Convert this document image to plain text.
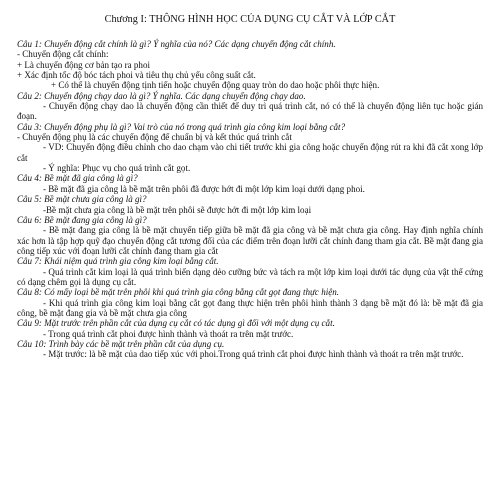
Chương I: THÔNG HÌNH HỌC CỦA DỤNG CỤ CẮT VÀ LỚP CẮT

Câu 1: Chuyển động cắt chính là gì? Ý nghĩa của nó? Các dạng chuyển động cắt chính.

- Chuyển động cắt chính:

+ Là chuyển động cơ bản tạo ra phoi

+ Xác định tốc độ bóc tách phoi và tiêu thụ chủ yếu công suất cắt.

+ Có thể là chuyển động tịnh tiến hoặc chuyển động quay tròn do dao hoặc phôi thực hiện.

Câu 2: Chuyển động chạy dao là gì? Ý nghĩa. Các dạng chuyển động chạy dao.

- Chuyển động chạy dao là chuyển động cần thiết để duy trì quá trình cắt, nó có thể là chuyển động liên tục hoặc gián đoạn.

Câu 3: Chuyển động phụ là gì? Vai trò của nó trong quá trình gia công kim loại bằng cắt?

- Chuyển động phụ là các chuyển động để chuẩn bị và kết thúc quá trình cắt

- VD: Chuyển động điều chỉnh cho dao chạm vào chi tiết trước khi gia công hoặc chuyển động rút ra khi đã cắt xong lớp cắt

- Ý nghĩa: Phục vụ cho quá trình cắt gọt.

Câu 4: Bề mặt đã gia công là gì?

- Bề mặt đã gia công là bề mặt trên phôi đã được hớt đi một lớp kim loại dưới dạng phoi.

Câu 5: Bề mặt chưa gia công là gì?

-Bề mặt chưa gia công là bề mặt trên phôi sẽ được hớt đi một lớp kim loại

Câu 6: Bề mặt đang gia công là gì?

- Bề mặt đang gia công là bề mặt chuyển tiếp giữa bề mặt đã gia công và bề mặt chưa gia công. Hay định nghĩa chính xác hơn là tập hợp quỹ đạo chuyển động cắt tương đối của các điểm trên đoạn lưỡi cắt chính đang tham gia cắt. Bề mặt đang gia công tiếp xúc với đoạn lưỡi cắt chính đang tham gia cắt

Câu 7: Khái niệm quá trình gia công kim loại bằng cắt.

- Quá trình cắt kim loại là quá trình biến dạng dẻo cưỡng bức và tách ra một lớp kim loại dưới tác dụng của vật thể cứng có dạng chêm gọi là dụng cụ cắt.

Câu 8: Có mấy loại bề mặt trên phôi khi quá trình gia công bằng cắt gọt đang thực hiện.

- Khi quá trình gia công kim loại bằng cắt gọt đang thực hiện trên phôi hình thành 3 dạng bề mặt đó là: bề mặt đã gia công, bề mặt đang gia và bề mặt chưa gia công

Câu 9: Mặt trước trên phần cắt của dụng cụ cắt có tác dụng gì đối với một dụng cụ cắt.

- Trong quá trình cắt phoi được hình thành và thoát ra trên mặt trước.

Câu 10: Trình bày các bề mặt trên phần cắt của dụng cụ.

- Mặt trước: là bề mặt của dao tiếp xúc với phoi.Trong quá trình cắt phoi được hình thành và thoát ra trên mặt trước.
